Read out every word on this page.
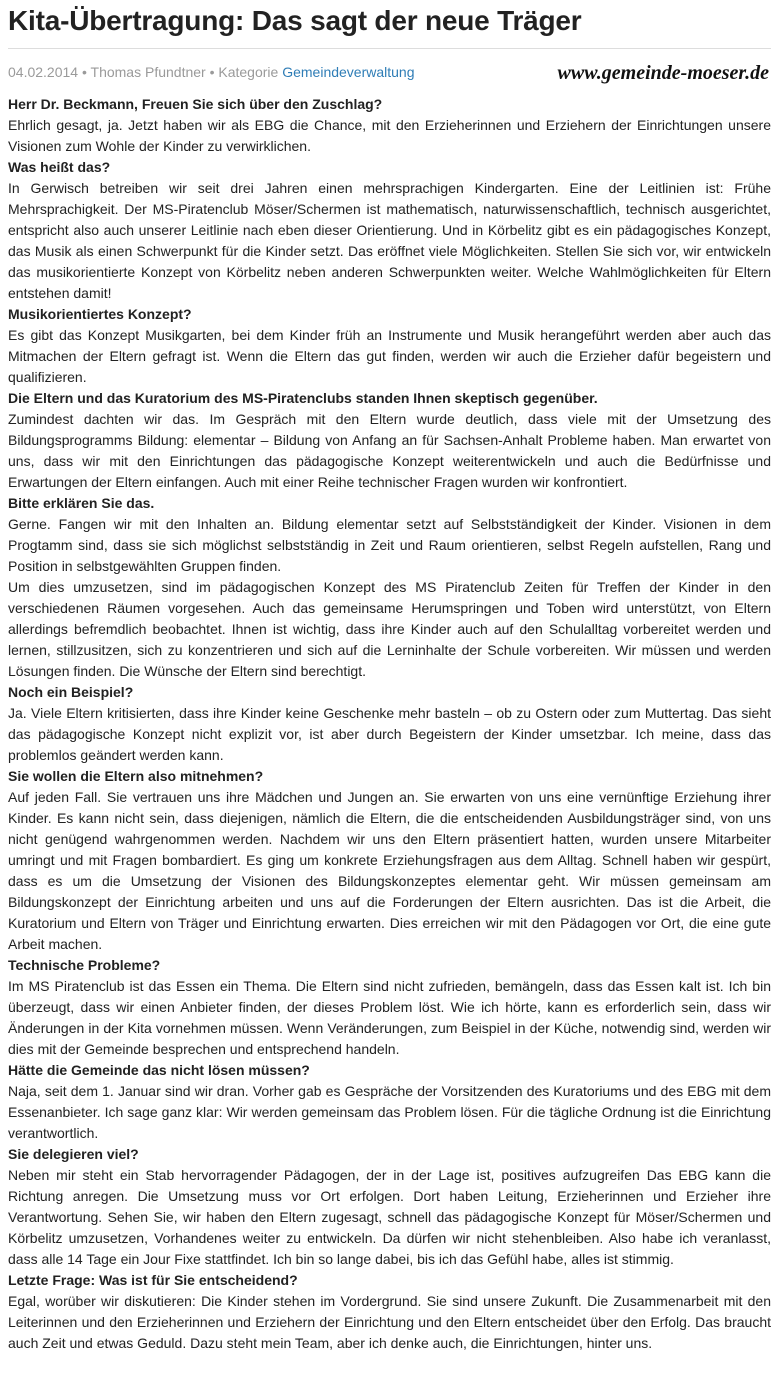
Kita-Übertragung: Das sagt der neue Träger
04.02.2014 • Thomas Pfundtner • Kategorie Gemeindeverwaltung	www.gemeinde-moeser.de

Herr Dr. Beckmann, Freuen Sie sich über den Zuschlag?

Ehrlich gesagt, ja. Jetzt haben wir als EBG die Chance, mit den Erzieherinnen und Erziehern der Einrichtungen unsere Visionen zum Wohle der Kinder zu verwirklichen.

Was heißt das?

In Gerwisch betreiben wir seit drei Jahren einen mehrsprachigen Kindergarten. Eine der Leitlinien ist: Frühe Mehrsprachigkeit. Der MS-Piratenclub Möser/Schermen ist mathematisch, naturwissenschaftlich, technisch ausgerichtet, entspricht also auch unserer Leitlinie nach eben dieser Orientierung. Und in Körbelitz gibt es ein pädagogisches Konzept, das Musik als einen Schwerpunkt für die Kinder setzt. Das eröffnet viele Möglichkeiten. Stellen Sie sich vor, wir entwickeln das musikorientierte Konzept von Körbelitz neben anderen Schwerpunkten weiter. Welche Wahlmöglichkeiten für Eltern entstehen damit!

Musikorientiertes Konzept?

Es gibt das Konzept Musikgarten, bei dem Kinder früh an Instrumente und Musik herangeführt werden aber auch das Mitmachen der Eltern gefragt ist. Wenn die Eltern das gut finden, werden wir auch die Erzieher dafür begeistern und qualifizieren.

Die Eltern und das Kuratorium des MS-Piratenclubs standen Ihnen skeptisch gegenüber.

Zumindest dachten wir das. Im Gespräch mit den Eltern wurde deutlich, dass viele mit der Umsetzung des Bildungsprogramms Bildung: elementar – Bildung von Anfang an für Sachsen-Anhalt Probleme haben. Man erwartet von uns, dass wir mit den Einrichtungen das pädagogische Konzept weiterentwickeln und auch die Bedürfnisse und Erwartungen der Eltern einfangen. Auch mit einer Reihe technischer Fragen wurden wir konfrontiert.

Bitte erklären Sie das.

Gerne. Fangen wir mit den Inhalten an. Bildung elementar setzt auf Selbstständigkeit der Kinder. Visionen in dem Progtamm sind, dass sie sich möglichst selbstständig in Zeit und Raum orientieren, selbst Regeln aufstellen, Rang und Position in selbstgewählten Gruppen finden.

Um dies umzusetzen, sind im pädagogischen Konzept des MS Piratenclub Zeiten für Treffen der Kinder in den verschiedenen Räumen vorgesehen. Auch das gemeinsame Herumspringen und Toben wird unterstützt, von Eltern allerdings befremdlich beobachtet. Ihnen ist wichtig, dass ihre Kinder auch auf den Schulalltag vorbereitet werden und lernen, stillzusitzen, sich zu konzentrieren und sich auf die Lerninhalte der Schule vorbereiten. Wir müssen und werden Lösungen finden. Die Wünsche der Eltern sind berechtigt.

Noch ein Beispiel?

Ja. Viele Eltern kritisierten, dass ihre Kinder keine Geschenke mehr basteln – ob zu Ostern oder zum Muttertag. Das sieht das pädagogische Konzept nicht explizit vor, ist aber durch Begeistern der Kinder umsetzbar. Ich meine, dass das problemlos geändert werden kann.

Sie wollen die Eltern also mitnehmen?

Auf jeden Fall. Sie vertrauen uns ihre Mädchen und Jungen an. Sie erwarten von uns eine vernünftige Erziehung ihrer Kinder. Es kann nicht sein, dass diejenigen, nämlich die Eltern, die die entscheidenden Ausbildungsträger sind, von uns nicht genügend wahrgenommen werden. Nachdem wir uns den Eltern präsentiert hatten, wurden unsere Mitarbeiter umringt und mit Fragen bombardiert. Es ging um konkrete Erziehungsfragen aus dem Alltag. Schnell haben wir gespürt, dass es um die Umsetzung der Visionen des Bildungskonzeptes elementar geht. Wir müssen gemeinsam am Bildungskonzept der Einrichtung arbeiten und uns auf die Forderungen der Eltern ausrichten. Das ist die Arbeit, die Kuratorium und Eltern von Träger und Einrichtung erwarten. Dies erreichen wir mit den Pädagogen vor Ort, die eine gute Arbeit machen.

Technische Probleme?

Im MS Piratenclub ist das Essen ein Thema. Die Eltern sind nicht zufrieden, bemängeln, dass das Essen kalt ist. Ich bin überzeugt, dass wir einen Anbieter finden, der dieses Problem löst. Wie ich hörte, kann es erforderlich sein, dass wir Änderungen in der Kita vornehmen müssen. Wenn Veränderungen, zum Beispiel in der Küche, notwendig sind, werden wir dies mit der Gemeinde besprechen und entsprechend handeln.

Hätte die Gemeinde das nicht lösen müssen?

Naja, seit dem 1. Januar sind wir dran. Vorher gab es Gespräche der Vorsitzenden des Kuratoriums und des EBG mit dem Essenanbieter. Ich sage ganz klar: Wir werden gemeinsam das Problem lösen. Für die tägliche Ordnung ist die Einrichtung verantwortlich.

Sie delegieren viel?

Neben mir steht ein Stab hervorragender Pädagogen, der in der Lage ist, positives aufzugreifen Das EBG kann die Richtung anregen. Die Umsetzung muss vor Ort erfolgen. Dort haben Leitung, Erzieherinnen und Erzieher ihre Verantwortung. Sehen Sie, wir haben den Eltern zugesagt, schnell das pädagogische Konzept für Möser/Schermen und Körbelitz umzusetzen, Vorhandenes weiter zu entwickeln. Da dürfen wir nicht stehenbleiben. Also habe ich veranlasst, dass alle 14 Tage ein Jour Fixe stattfindet. Ich bin so lange dabei, bis ich das Gefühl habe, alles ist stimmig.

Letzte Frage: Was ist für Sie entscheidend?

Egal, worüber wir diskutieren: Die Kinder stehen im Vordergrund. Sie sind unsere Zukunft. Die Zusammenarbeit mit den Leiterinnen und den Erzieherinnen und Erziehern der Einrichtung und den Eltern entscheidet über den Erfolg. Das braucht auch Zeit und etwas Geduld. Dazu steht mein Team, aber ich denke auch, die Einrichtungen, hinter uns.
